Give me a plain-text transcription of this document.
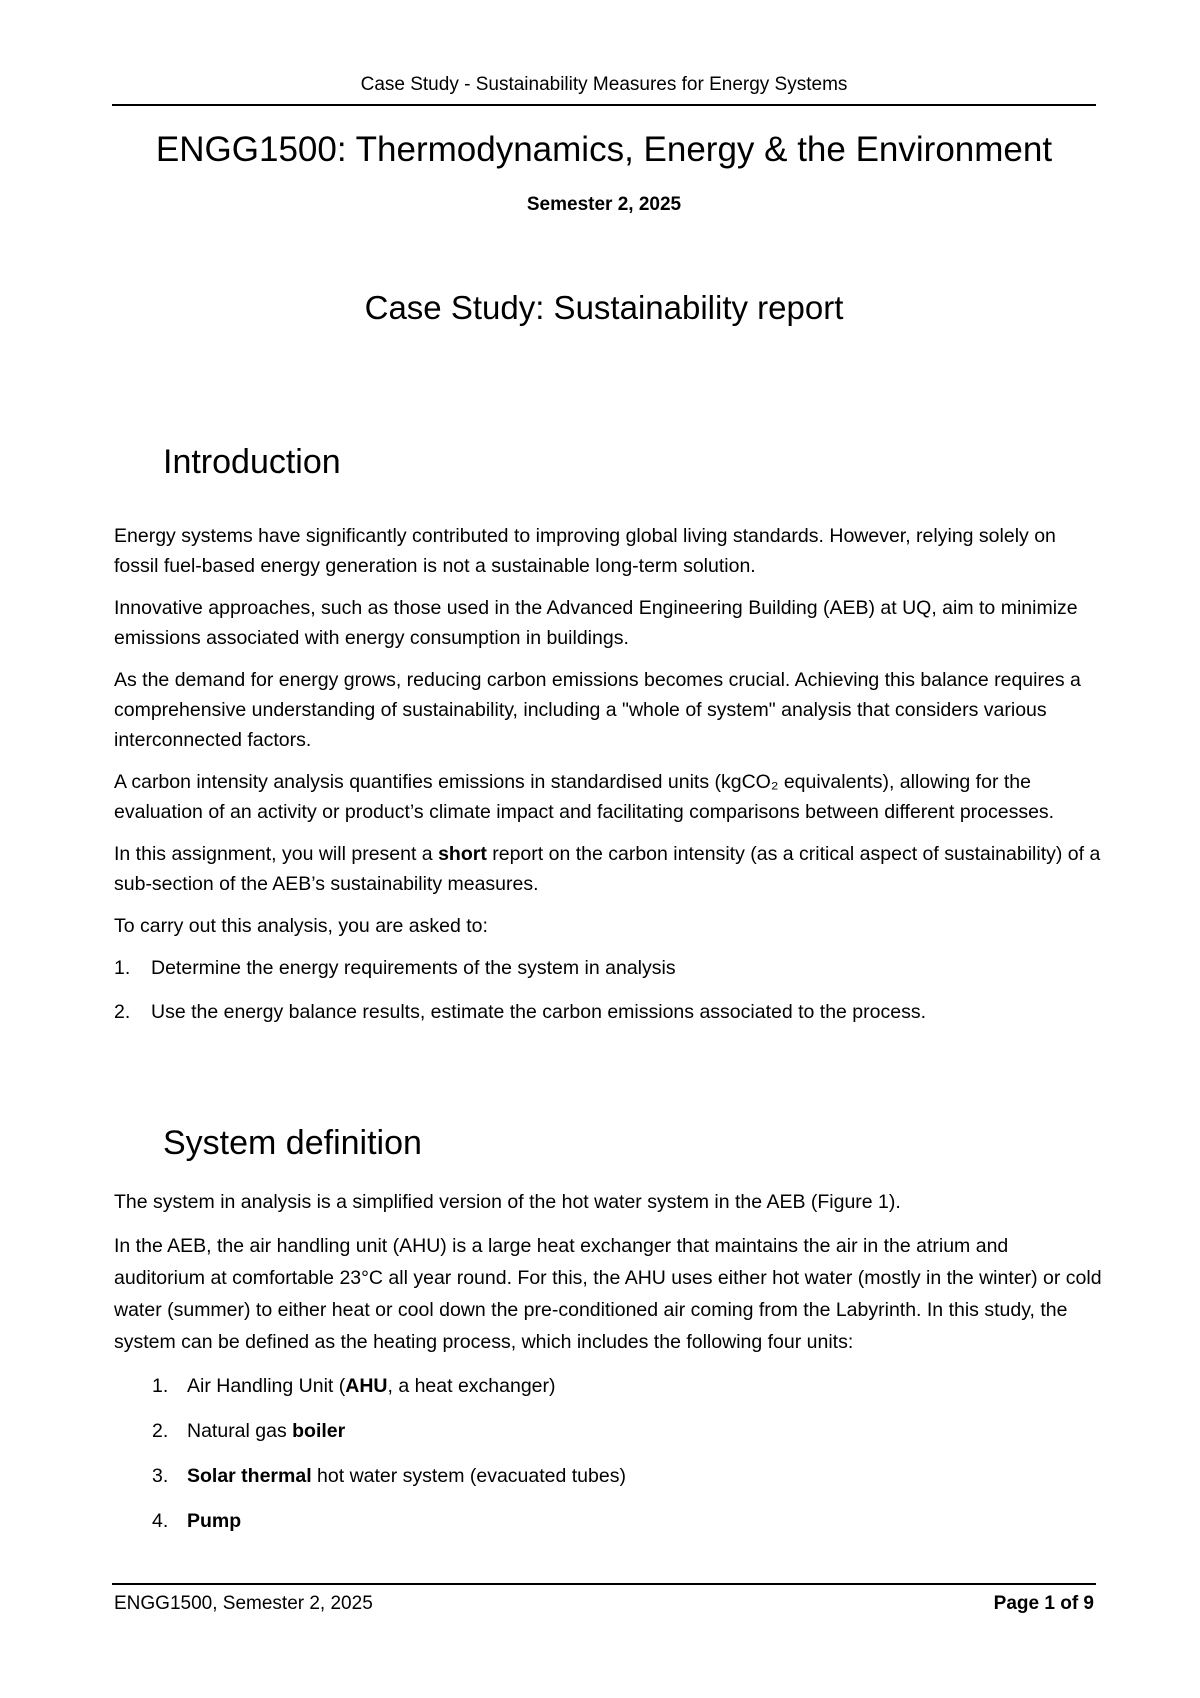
Case Study - Sustainability Measures for Energy Systems
ENGG1500: Thermodynamics, Energy & the Environment
Semester 2, 2025
Case Study: Sustainability report
Introduction

Energy systems have significantly contributed to improving global living standards. However, relying solely on fossil fuel-based energy generation is not a sustainable long-term solution.

Innovative approaches, such as those used in the Advanced Engineering Building (AEB) at UQ, aim to minimize emissions associated with energy consumption in buildings.

As the demand for energy grows, reducing carbon emissions becomes crucial. Achieving this balance requires a comprehensive understanding of sustainability, including a "whole of system" analysis that considers various interconnected factors.

A carbon intensity analysis quantifies emissions in standardised units (kgCO₂ equivalents), allowing for the evaluation of an activity or product’s climate impact and facilitating comparisons between different processes.

In this assignment, you will present a short report on the carbon intensity (as a critical aspect of sustainability) of a sub-section of the AEB’s sustainability measures.

To carry out this analysis, you are asked to:

1. Determine the energy requirements of the system in analysis
2. Use the energy balance results, estimate the carbon emissions associated to the process.
System definition

The system in analysis is a simplified version of the hot water system in the AEB (Figure 1).

In the AEB, the air handling unit (AHU) is a large heat exchanger that maintains the air in the atrium and auditorium at comfortable 23°C all year round. For this, the AHU uses either hot water (mostly in the winter) or cold water (summer) to either heat or cool down the pre-conditioned air coming from the Labyrinth. In this study, the system can be defined as the heating process, which includes the following four units:

1. Air Handling Unit (AHU, a heat exchanger)
2. Natural gas boiler
3. Solar thermal hot water system (evacuated tubes)
4. Pump
ENGG1500, Semester 2, 2025	Page 1 of 9
